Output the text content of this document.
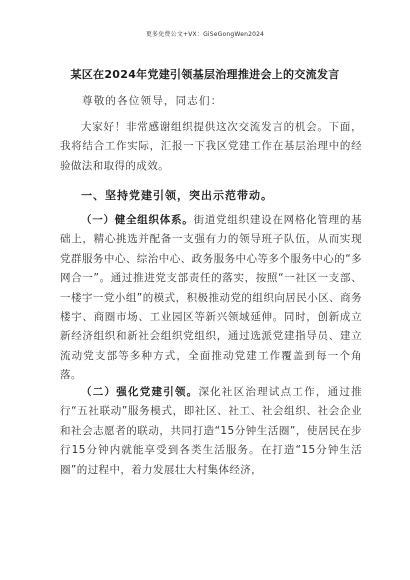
更多免费公文+VX：GiSeGongWen2024
某区在2024年党建引领基层治理推进会上的交流发言
尊敬的各位领导，同志们：
大家好！非常感谢组织提供这次交流发言的机会。下面，我将结合工作实际，汇报一下我区党建工作在基层治理中的经验做法和取得的成效。
一、坚持党建引领，突出示范带动。
（一）健全组织体系。街道党组织建设在网格化管理的基础上，精心挑选并配备一支强有力的领导班子队伍，从而实现党群服务中心、综治中心、政务服务中心等多个服务中心的“多网合一”。通过推进党支部责任的落实，按照“一社区一支部、一楼宇一党小组”的模式，积极推动党的组织向居民小区、商务楼宇、商圈市场、工业园区等新兴领域延伸。同时，创新成立新经济组织和新社会组织党组织，通过选派党建指导员、建立流动党支部等多种方式，全面推动党建工作覆盖到每一个角落。
（二）强化党建引领。深化社区治理试点工作，通过推行“五社联动”服务模式，即社区、社工、社会组织、社会企业和社会志愿者的联动，共同打造“15分钟生活圈”，使居民在步行15分钟内就能享受到各类生活服务。在打造“15分钟生活圈”的过程中，着力发展壮大村集体经济，
